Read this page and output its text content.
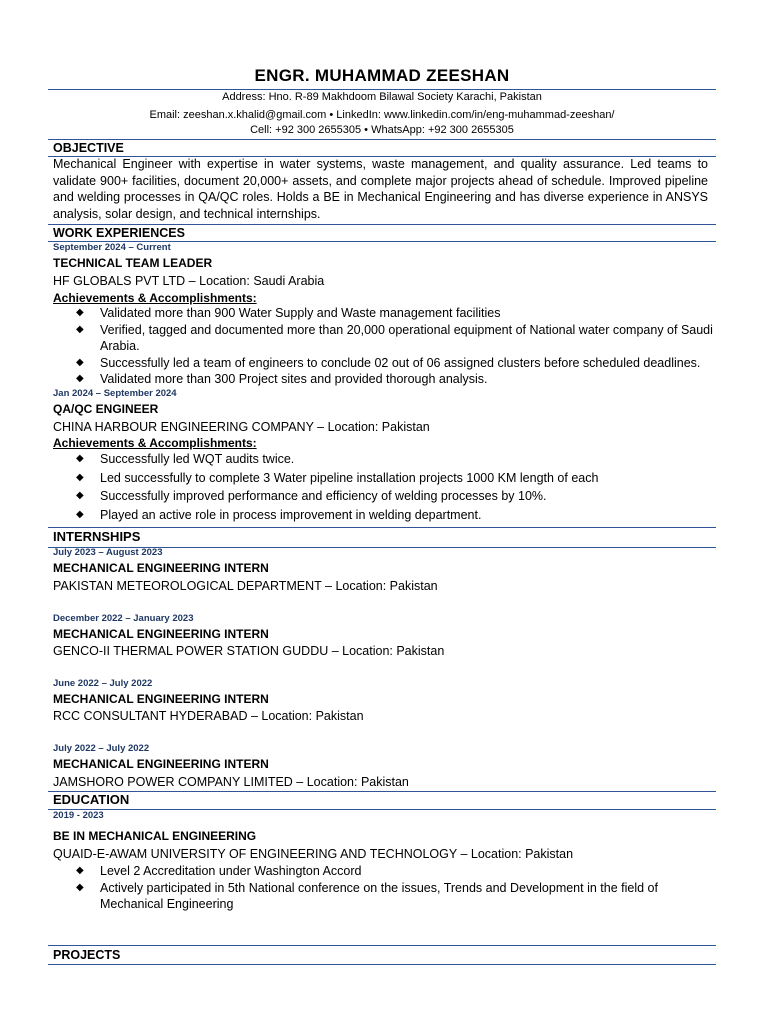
ENGR. MUHAMMAD ZEESHAN
Address: Hno. R-89 Makhdoom Bilawal Society Karachi, Pakistan
Email: zeeshan.x.khalid@gmail.com • LinkedIn: www.linkedin.com/in/eng-muhammad-zeeshan/
Cell: +92 300 2655305 • WhatsApp: +92 300 2655305
OBJECTIVE
Mechanical Engineer with expertise in water systems, waste management, and quality assurance. Led teams to validate 900+ facilities, document 20,000+ assets, and complete major projects ahead of schedule. Improved pipeline and welding processes in QA/QC roles. Holds a BE in Mechanical Engineering and has diverse experience in ANSYS analysis, solar design, and technical internships.
WORK EXPERIENCES
September 2024 – Current
TECHNICAL TEAM LEADER
HF GLOBALS PVT LTD – Location: Saudi Arabia
Achievements & Accomplishments:
◆ Validated more than 900 Water Supply and Waste management facilities
◆ Verified, tagged and documented more than 20,000 operational equipment of National water company of Saudi Arabia.
◆ Successfully led a team of engineers to conclude 02 out of 06 assigned clusters before scheduled deadlines.
◆ Validated more than 300 Project sites and provided thorough analysis.
Jan 2024 – September 2024
QA/QC ENGINEER
CHINA HARBOUR ENGINEERING COMPANY – Location: Pakistan
Achievements & Accomplishments:
◆ Successfully led WQT audits twice.
◆ Led successfully to complete 3 Water pipeline installation projects 1000 KM length of each
◆ Successfully improved performance and efficiency of welding processes by 10%.
◆ Played an active role in process improvement in welding department.
INTERNSHIPS
July 2023 – August 2023
MECHANICAL ENGINEERING INTERN
PAKISTAN METEOROLOGICAL DEPARTMENT – Location: Pakistan
December 2022 – January 2023
MECHANICAL ENGINEERING INTERN
GENCO-II THERMAL POWER STATION GUDDU – Location: Pakistan
June 2022 – July 2022
MECHANICAL ENGINEERING INTERN
RCC CONSULTANT HYDERABAD – Location: Pakistan
July 2022 – July 2022
MECHANICAL ENGINEERING INTERN
JAMSHORO POWER COMPANY LIMITED – Location: Pakistan
EDUCATION
2019 - 2023
BE IN MECHANICAL ENGINEERING
QUAID-E-AWAM UNIVERSITY OF ENGINEERING AND TECHNOLOGY – Location: Pakistan
◆ Level 2 Accreditation under Washington Accord
◆ Actively participated in 5th National conference on the issues, Trends and Development in the field of Mechanical Engineering
PROJECTS
